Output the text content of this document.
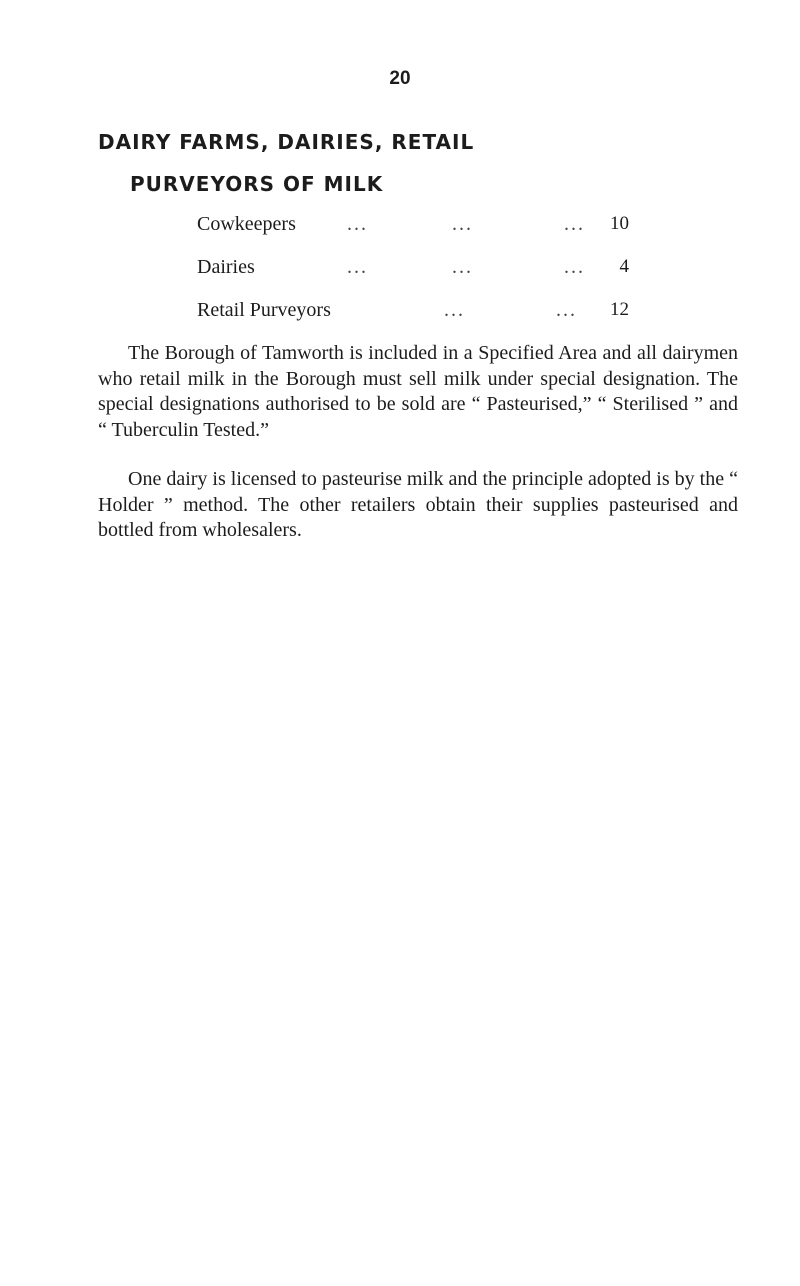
20
DAIRY FARMS, DAIRIES, RETAIL
PURVEYORS OF MILK
Cowkeepers	...            ...             ... 10
Dairies	...            ...             ... 4
Retail Purveyors	...             ... 12
The Borough of Tamworth is included in a Specified Area and all dairymen who retail milk in the Borough must sell milk under special designation. The special designations authorised to be sold are “ Pasteurised,” “ Sterilised ” and “ Tuberculin Tested.”
One dairy is licensed to pasteurise milk and the principle adopted is by the “ Holder ” method. The other retailers obtain their supplies pasteurised and bottled from wholesalers.
